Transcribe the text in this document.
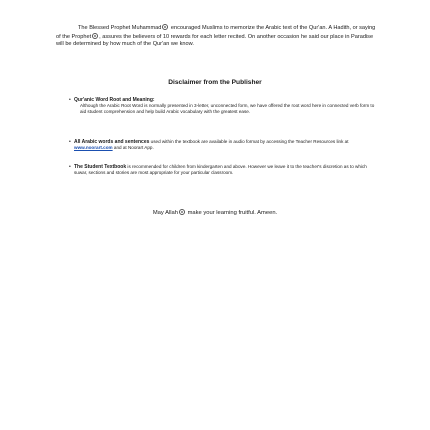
The Blessed Prophet Muhammad encouraged Muslims to memorize the Arabic text of the Qur'an. A Hadith, or saying of the Prophet , assures the believers of 10 rewards for each letter recited. On another occasion he said our place in Paradise will be determined by how much of the Qur'an we know.

Disclaimer from the Publisher
• Qur'anic Word Root and Meaning:
Although the Arabic Root Word is normally presented in 3-letter, unconnected form, we have offered the root word here in connected verb form to aid student comprehension and help build Arabic vocabulary with the greatest ease.
• All Arabic words and sentences used within the textbook are available in audio format by accessing the Teacher Resources link at www.noorart.com and at Noorart App.
• The Student Textbook is recommended for children from kindergarten and above. However we leave it to the teacher's discretion as to which suwar, sections and stories are most appropriate for your particular classroom.
May Allah make your learning fruitful. Ameen.
